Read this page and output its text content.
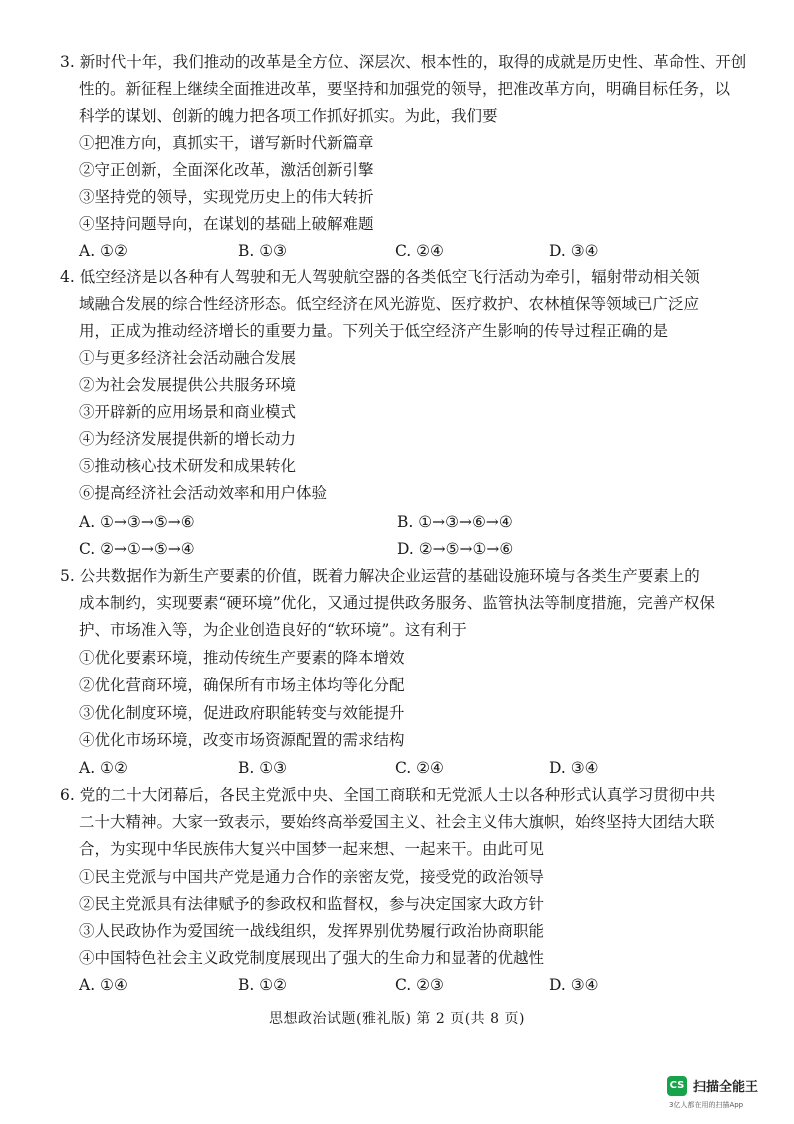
3. 新时代十年，我们推动的改革是全方位、深层次、根本性的，取得的成就是历史性、革命性、开创
性的。新征程上继续全面推进改革，要坚持和加强党的领导，把准改革方向，明确目标任务，以
科学的谋划、创新的魄力把各项工作抓好抓实。为此，我们要
①把准方向，真抓实干，谱写新时代新篇章
②守正创新，全面深化改革，激活创新引擎
③坚持党的领导，实现党历史上的伟大转折
④坚持问题导向，在谋划的基础上破解难题
A. ①②	B. ①③	C. ②④	D. ③④
4. 低空经济是以各种有人驾驶和无人驾驶航空器的各类低空飞行活动为牵引，辐射带动相关领
域融合发展的综合性经济形态。低空经济在风光游览、医疗救护、农林植保等领域已广泛应
用，正成为推动经济增长的重要力量。下列关于低空经济产生影响的传导过程正确的是
①与更多经济社会活动融合发展
②为社会发展提供公共服务环境
③开辟新的应用场景和商业模式
④为经济发展提供新的增长动力
⑤推动核心技术研发和成果转化
⑥提高经济社会活动效率和用户体验
A. ①→③→⑤→⑥	B. ①→③→⑥→④
C. ②→①→⑤→④	D. ②→⑤→①→⑥
5. 公共数据作为新生产要素的价值，既着力解决企业运营的基础设施环境与各类生产要素上的
成本制约，实现要素“硬环境”优化，又通过提供政务服务、监管执法等制度措施，完善产权保
护、市场准入等，为企业创造良好的“软环境”。这有利于
①优化要素环境，推动传统生产要素的降本增效
②优化营商环境，确保所有市场主体均等化分配
③优化制度环境，促进政府职能转变与效能提升
④优化市场环境，改变市场资源配置的需求结构
A. ①②	B. ①③	C. ②④	D. ③④
6. 党的二十大闭幕后，各民主党派中央、全国工商联和无党派人士以各种形式认真学习贯彻中共
二十大精神。大家一致表示，要始终高举爱国主义、社会主义伟大旗帜，始终坚持大团结大联
合，为实现中华民族伟大复兴中国梦一起来想、一起来干。由此可见
①民主党派与中国共产党是通力合作的亲密友党，接受党的政治领导
②民主党派具有法律赋予的参政权和监督权，参与决定国家大政方针
③人民政协作为爱国统一战线组织，发挥界别优势履行政治协商职能
④中国特色社会主义政党制度展现出了强大的生命力和显著的优越性
A. ①④	B. ①②	C. ②③	D. ③④
思想政治试题(雅礼版) 第 2 页(共 8 页)
CS 扫描全能王
3亿人都在用的扫描App
